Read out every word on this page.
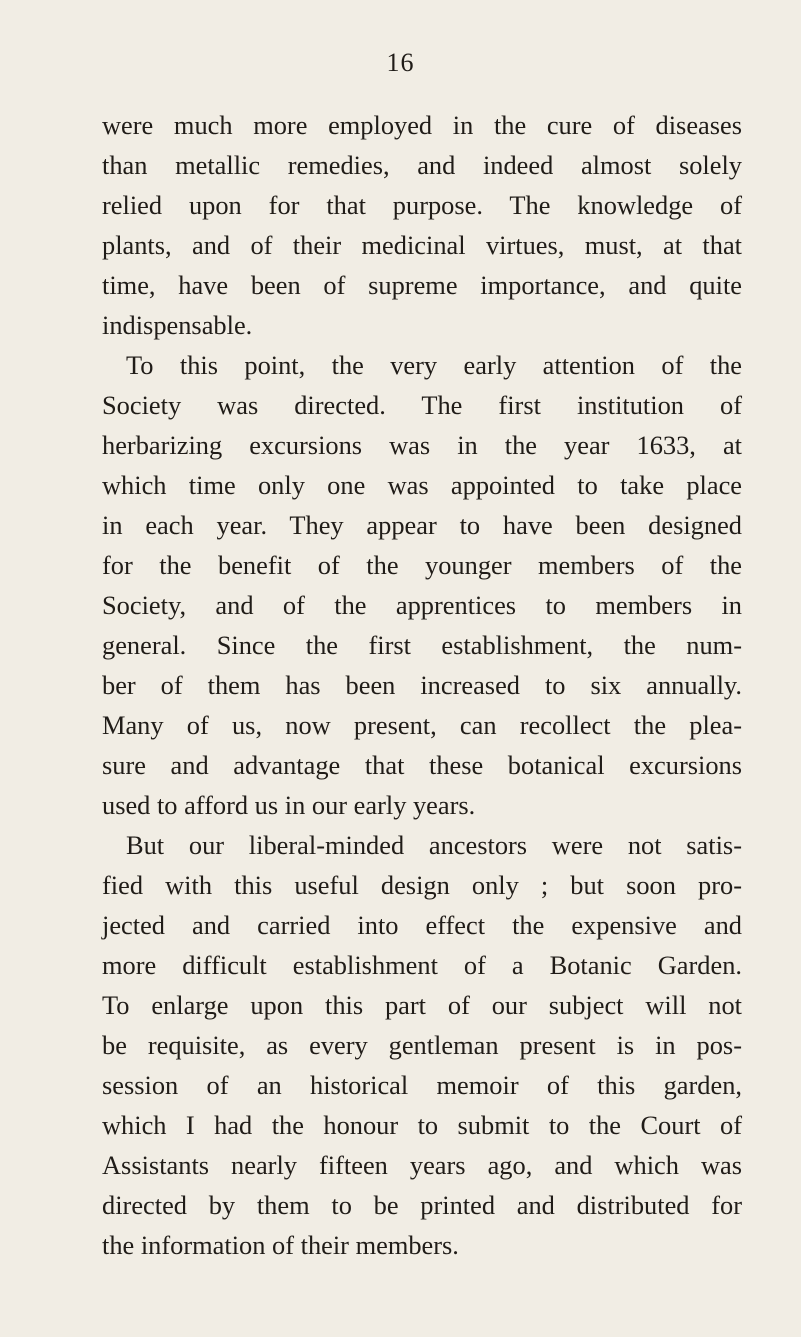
16
were much more employed in the cure of diseases
than metallic remedies, and indeed almost solely
relied upon for that purpose. The knowledge of
plants, and of their medicinal virtues, must, at that
time, have been of supreme importance, and quite
indispensable.
To this point, the very early attention of the
Society was directed. The first institution of
herbarizing excursions was in the year 1633, at
which time only one was appointed to take place
in each year. They appear to have been designed
for the benefit of the younger members of the
Society, and of the apprentices to members in
general. Since the first establishment, the num-
ber of them has been increased to six annually.
Many of us, now present, can recollect the plea-
sure and advantage that these botanical excursions
used to afford us in our early years.
But our liberal-minded ancestors were not satis-
fied with this useful design only ; but soon pro-
jected and carried into effect the expensive and
more difficult establishment of a Botanic Garden.
To enlarge upon this part of our subject will not
be requisite, as every gentleman present is in pos-
session of an historical memoir of this garden,
which I had the honour to submit to the Court of
Assistants nearly fifteen years ago, and which was
directed by them to be printed and distributed for
the information of their members.
